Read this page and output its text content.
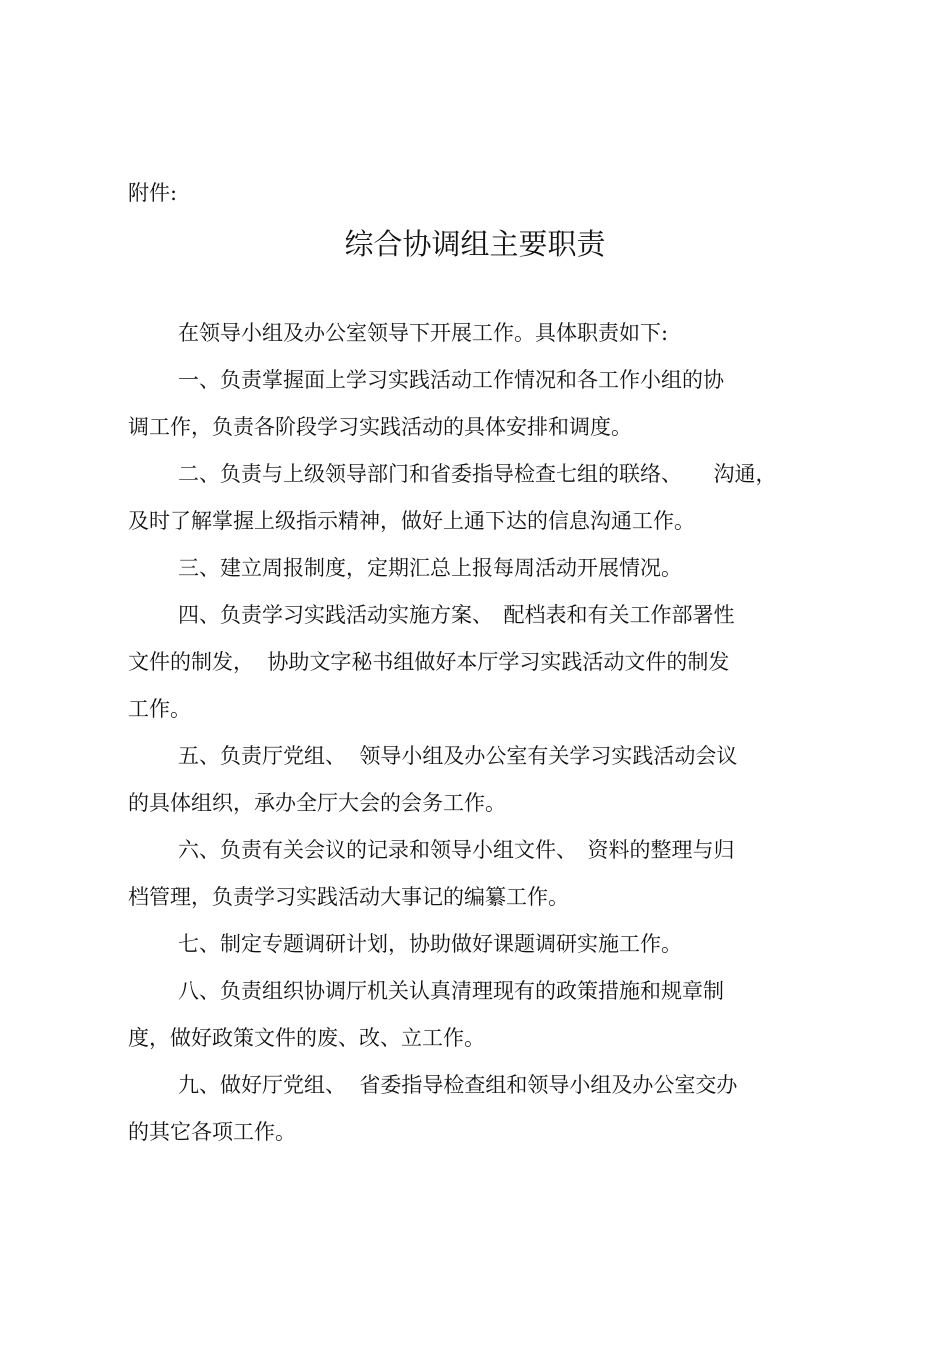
附件:

综合协调组主要职责

在领导小组及办公室领导下开展工作。具体职责如下:

一、负责掌握面上学习实践活动工作情况和各工作小组的协

调工作，负责各阶段学习实践活动的具体安排和调度。

二、负责与上级领导部门和省委指导检查七组的联络、　　沟通，

及时了解掌握上级指示精神，做好上通下达的信息沟通工作。

三、建立周报制度，定期汇总上报每周活动开展情况。

四、负责学习实践活动实施方案、　配档表和有关工作部署性

文件的制发，  协助文字秘书组做好本厅学习实践活动文件的制发

工作。

五、负责厅党组、  领导小组及办公室有关学习实践活动会议

的具体组织，承办全厅大会的会务工作。

六、负责有关会议的记录和领导小组文件、　资料的整理与归

档管理，负责学习实践活动大事记的编纂工作。

七、制定专题调研计划，协助做好课题调研实施工作。

八、负责组织协调厅机关认真清理现有的政策措施和规章制

度，做好政策文件的废、改、立工作。

九、做好厅党组、  省委指导检查组和领导小组及办公室交办

的其它各项工作。
